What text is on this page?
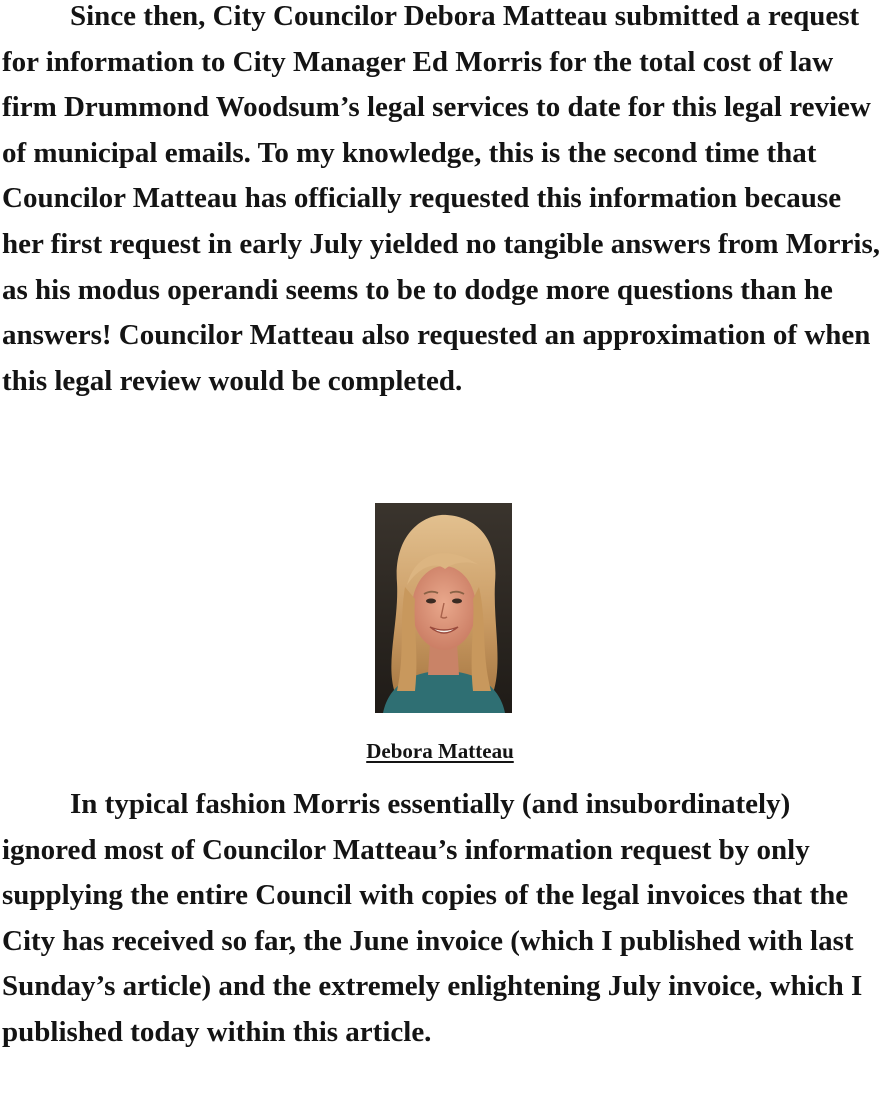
Since then, City Councilor Debora Matteau submitted a request for information to City Manager Ed Morris for the total cost of law firm Drummond Woodsum’s legal services to date for this legal review of municipal emails. To my knowledge, this is the second time that Councilor Matteau has officially requested this information because her first request in early July yielded no tangible answers from Morris, as his modus operandi seems to be to dodge more questions than he answers! Councilor Matteau also requested an approximation of when this legal review would be completed.

Debora Matteau

In typical fashion Morris essentially (and insubordinately) ignored most of Councilor Matteau’s information request by only supplying the entire Council with copies of the legal invoices that the City has received so far, the June invoice (which I published with last Sunday’s article) and the extremely enlightening July invoice, which I published today within this article.
